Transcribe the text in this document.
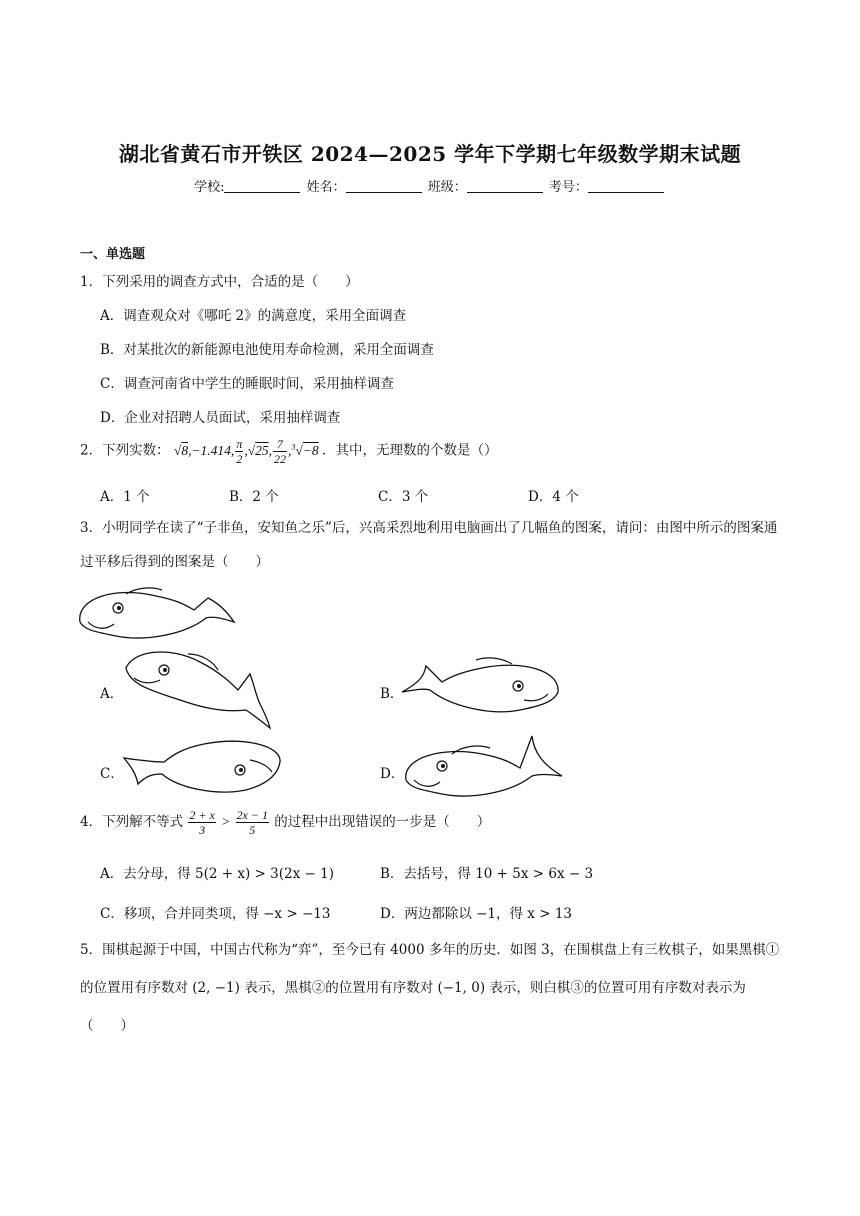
湖北省黄石市开铁区 2024—2025 学年下学期七年级数学期末试题
学校:	姓名：	班级：	考号：
一、单选题
1．下列采用的调查方式中，合适的是（　　）
A．调查观众对《哪吒 2》的满意度，采用全面调查
B．对某批次的新能源电池使用寿命检测，采用全面调查
C．调查河南省中学生的睡眠时间，采用抽样调查
D．企业对招聘人员面试，采用抽样调查
2．下列实数： √8,−1.414, $\frac{\pi}{2} ,√25$, $\frac{7}{22} ,^3√-8$ ．其中，无理数的个数是（）
A．1 个	B．2 个	C．3 个	D．4 个
3．小明同学在读了“子非鱼，安知鱼之乐”后，兴高采烈地利用电脑画出了几幅鱼的图案，请问：由图中所示的图案通过平移后得到的图案是（　　）
A．	B．
C．	D．
4．下列解不等式 $\frac{2 + x}{3} > \frac{2x - 1}{5}$ 的过程中出现错误的一步是（　　）
A．去分母，得 5(2 + x) > 3(2x − 1)	B．去括号，得 10 + 5x > 6x − 3
C．移项，合并同类项，得 −x > −13	D．两边都除以 −1，得 x > 13
5．围棋起源于中国，中国古代称为“弈”，至今已有 4000 多年的历史．如图 3，在围棋盘上有三枚棋子，如果黑棋①的位置用有序数对 (2, −1) 表示，黑棋②的位置用有序数对 (−1, 0) 表示，则白棋③的位置可用有序数对表示为（　　）
